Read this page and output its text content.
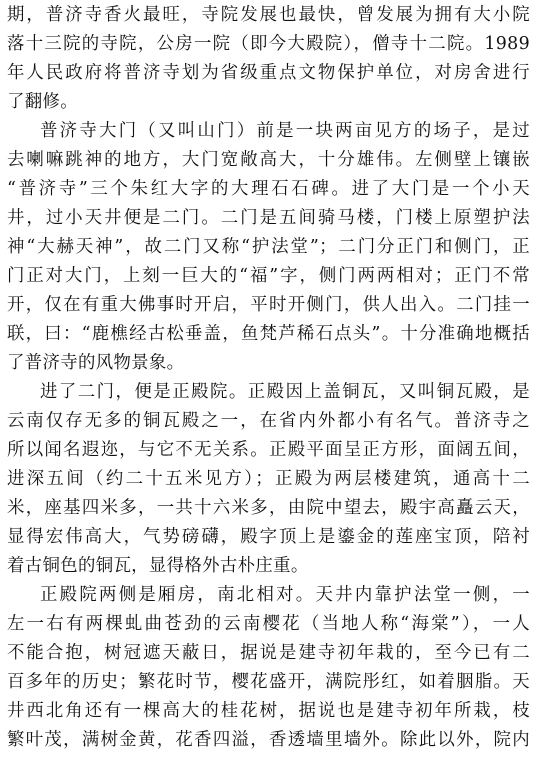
期，普济寺香火最旺，寺院发展也最快，曾发展为拥有大小院
落十三院的寺院，公房一院（即今大殿院），僧寺十二院。1989
年人民政府将普济寺划为省级重点文物保护单位，对房舍进行
了翻修。
普济寺大门（又叫山门）前是一块两亩见方的场子，是过
去喇嘛跳神的地方，大门宽敞高大，十分雄伟。左侧壁上镶嵌
“普济寺”三个朱红大字的大理石石碑。进了大门是一个小天
井，过小天井便是二门。二门是五间骑马楼，门楼上原塑护法
神“大赫天神”，故二门又称“护法堂”；二门分正门和侧门，正
门正对大门，上刻一巨大的“福”字，侧门两两相对；正门不常
开，仅在有重大佛事时开启，平时开侧门，供人出入。二门挂一
联，曰：“鹿樵经古松垂盖，鱼梵芦稀石点头”。十分准确地概括
了普济寺的风物景象。
进了二门，便是正殿院。正殿因上盖铜瓦，又叫铜瓦殿，是
云南仅存无多的铜瓦殿之一，在省内外都小有名气。普济寺之
所以闻名遐迩，与它不无关系。正殿平面呈正方形，面阔五间，
进深五间（约二十五米见方）；正殿为两层楼建筑，通高十二
米，座基四米多，一共十六米多，由院中望去，殿宇高矗云天，
显得宏伟高大，气势磅礴，殿字顶上是鎏金的莲座宝顶，陪衬
着古铜色的铜瓦，显得格外古朴庄重。
正殿院两侧是厢房，南北相对。天井内靠护法堂一侧，一
左一右有两棵虬曲苍劲的云南樱花（当地人称“海棠”），一人
不能合抱，树冠遮天蔽日，据说是建寺初年栽的，至今已有二
百多年的历史；繁花时节，樱花盛开，满院彤红，如着胭脂。天
井西北角还有一棵高大的桂花树，据说也是建寺初年所栽，枝
繁叶茂，满树金黄，花香四溢，香透墙里墙外。除此以外，院内
